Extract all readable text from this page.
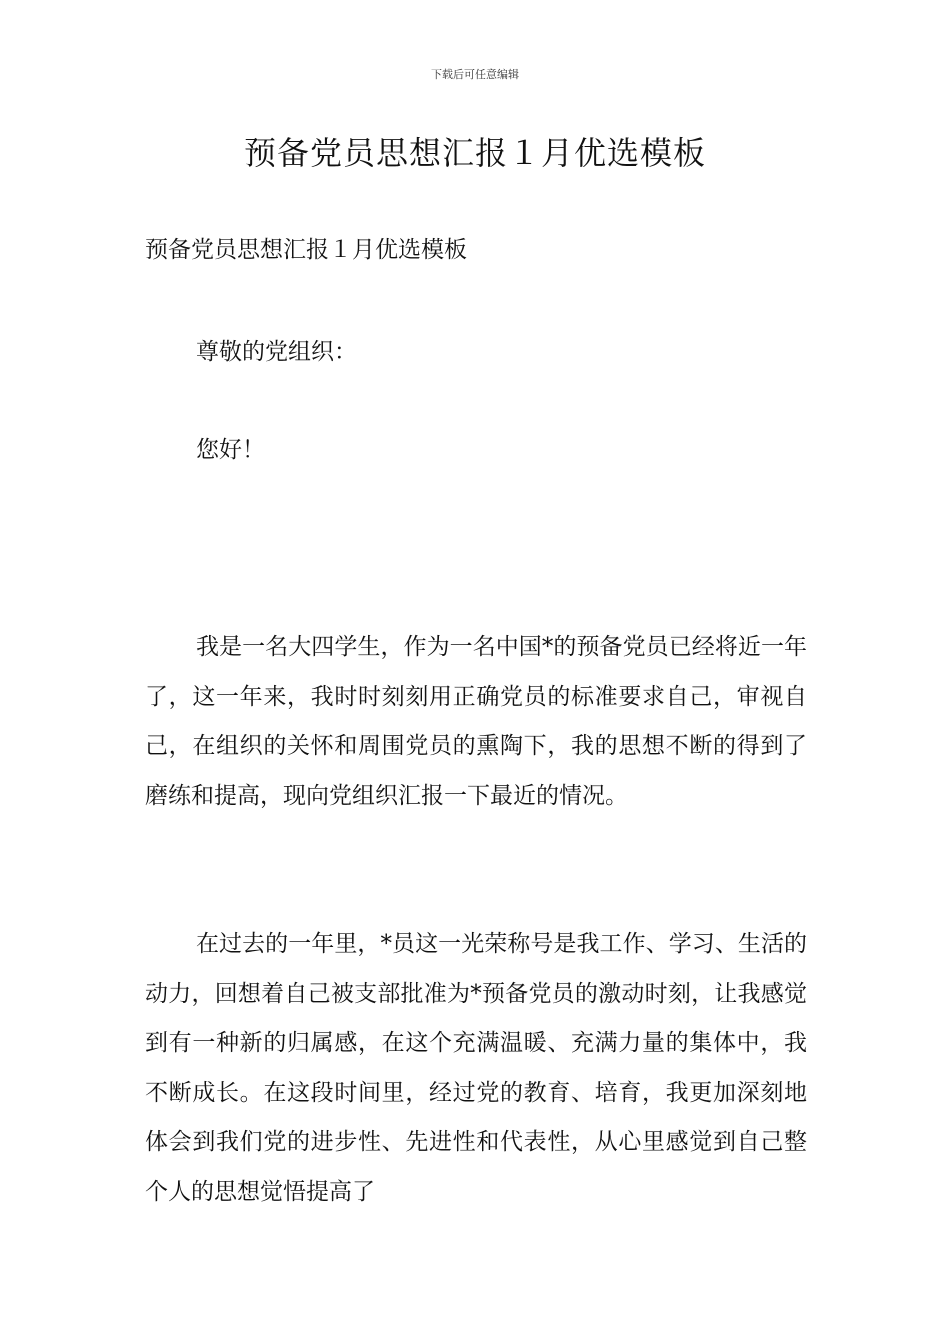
下载后可任意编辑
预备党员思想汇报１月优选模板
预备党员思想汇报１月优选模板
尊敬的党组织：
您好！
我是一名大四学生，作为一名中国*的预备党员已经将近一年了，这一年来，我时时刻刻用正确党员的标准要求自己，审视自己，在组织的关怀和周围党员的熏陶下，我的思想不断的得到了磨练和提高，现向党组织汇报一下最近的情况。
在过去的一年里，*员这一光荣称号是我工作、学习、生活的动力，回想着自己被支部批准为*预备党员的激动时刻，让我感觉到有一种新的归属感，在这个充满温暖、充满力量的集体中，我不断成长。在这段时间里，经过党的教育、培育，我更加深刻地体会到我们党的进步性、先进性和代表性，从心里感觉到自己整个人的思想觉悟提高了
